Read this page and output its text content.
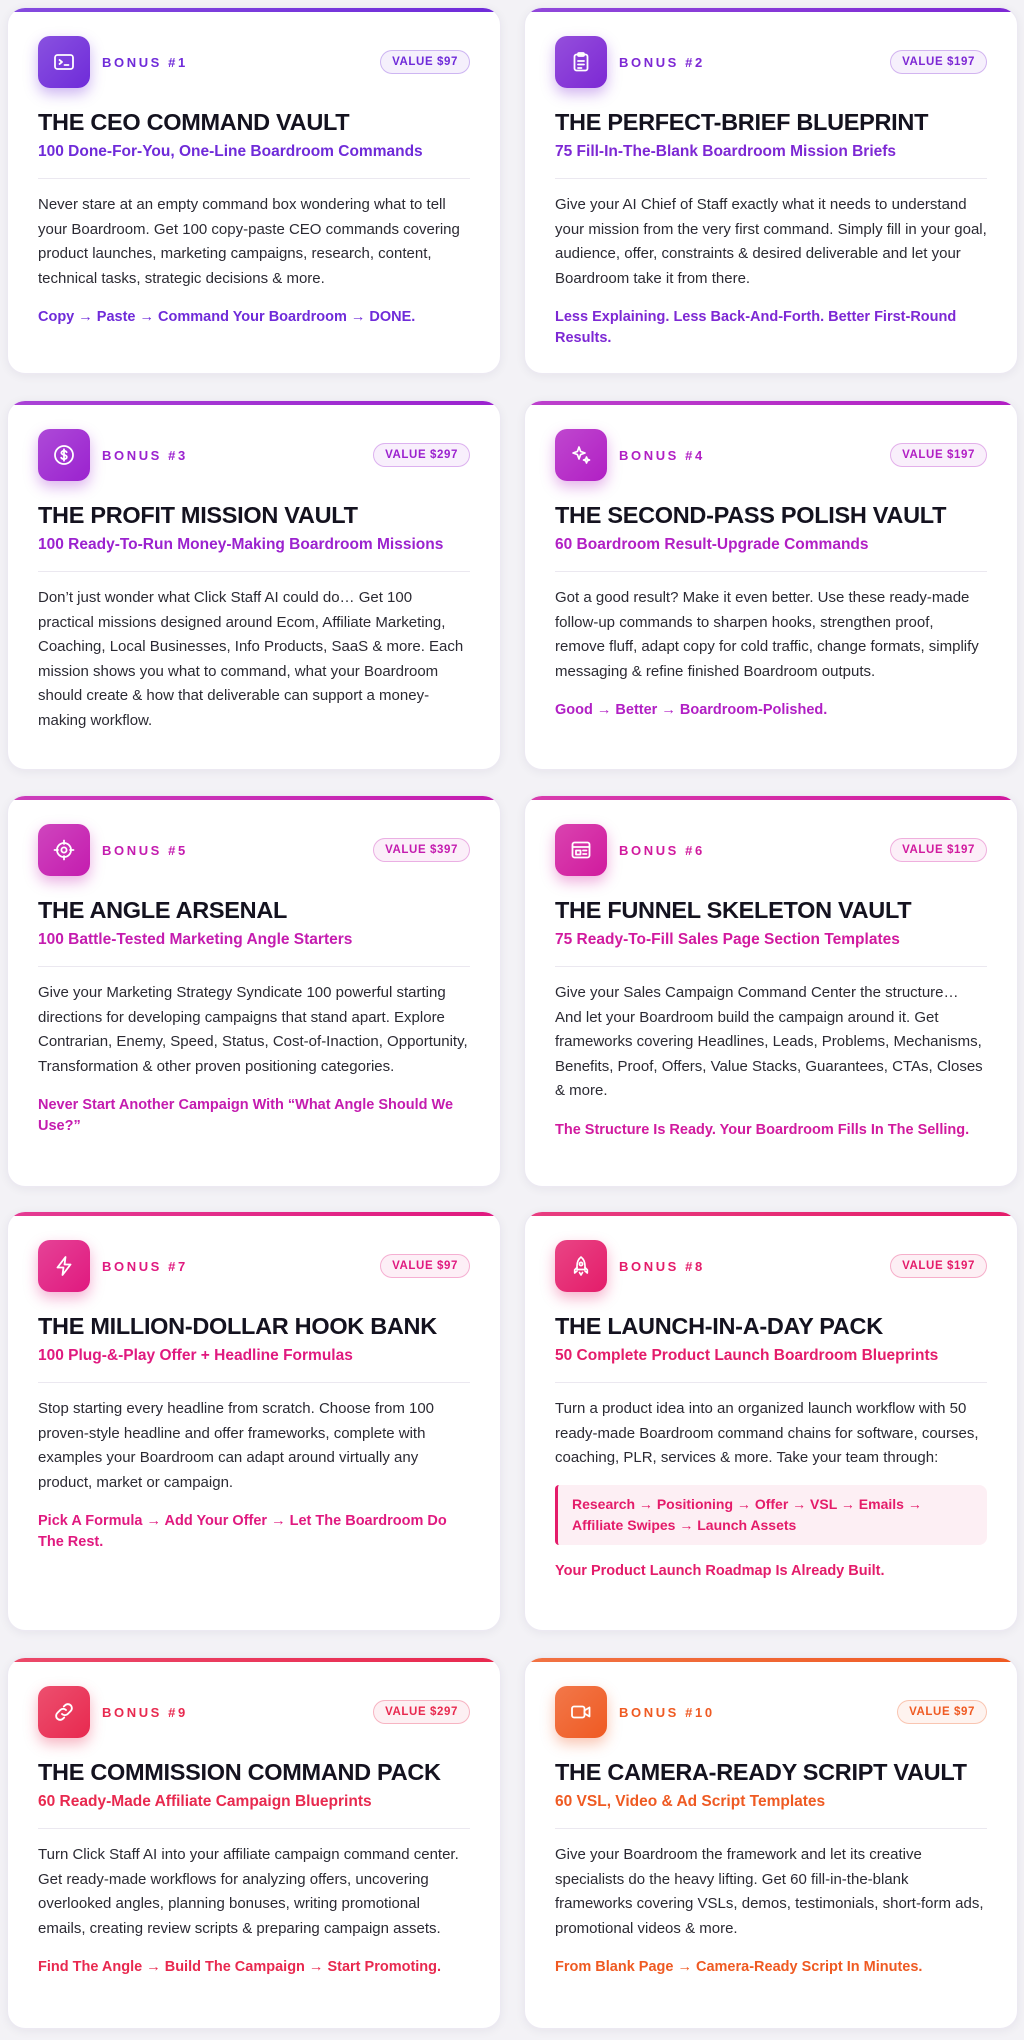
BONUS #1	VALUE $97
THE CEO COMMAND VAULT
100 Done-For-You, One-Line Boardroom Commands
Never stare at an empty command box wondering what to tell your Boardroom. Get 100 copy-paste CEO commands covering product launches, marketing campaigns, research, content, technical tasks, strategic decisions & more.
Copy → Paste → Command Your Boardroom → DONE.
BONUS #2	VALUE $197
THE PERFECT-BRIEF BLUEPRINT
75 Fill-In-The-Blank Boardroom Mission Briefs
Give your AI Chief of Staff exactly what it needs to understand your mission from the very first command. Simply fill in your goal, audience, offer, constraints & desired deliverable and let your Boardroom take it from there.
Less Explaining. Less Back-And-Forth. Better First-Round Results.
BONUS #3	VALUE $297
THE PROFIT MISSION VAULT
100 Ready-To-Run Money-Making Boardroom Missions
Don’t just wonder what Click Staff AI could do… Get 100 practical missions designed around Ecom, Affiliate Marketing, Coaching, Local Businesses, Info Products, SaaS & more. Each mission shows you what to command, what your Boardroom should create & how that deliverable can support a money-making workflow.
BONUS #4	VALUE $197
THE SECOND-PASS POLISH VAULT
60 Boardroom Result-Upgrade Commands
Got a good result? Make it even better. Use these ready-made follow-up commands to sharpen hooks, strengthen proof, remove fluff, adapt copy for cold traffic, change formats, simplify messaging & refine finished Boardroom outputs.
Good → Better → Boardroom-Polished.
BONUS #5	VALUE $397
THE ANGLE ARSENAL
100 Battle-Tested Marketing Angle Starters
Give your Marketing Strategy Syndicate 100 powerful starting directions for developing campaigns that stand apart. Explore Contrarian, Enemy, Speed, Status, Cost-of-Inaction, Opportunity, Transformation & other proven positioning categories.
Never Start Another Campaign With “What Angle Should We Use?”
BONUS #6	VALUE $197
THE FUNNEL SKELETON VAULT
75 Ready-To-Fill Sales Page Section Templates
Give your Sales Campaign Command Center the structure… And let your Boardroom build the campaign around it. Get frameworks covering Headlines, Leads, Problems, Mechanisms, Benefits, Proof, Offers, Value Stacks, Guarantees, CTAs, Closes & more.
The Structure Is Ready. Your Boardroom Fills In The Selling.
BONUS #7	VALUE $97
THE MILLION-DOLLAR HOOK BANK
100 Plug-&-Play Offer + Headline Formulas
Stop starting every headline from scratch. Choose from 100 proven-style headline and offer frameworks, complete with examples your Boardroom can adapt around virtually any product, market or campaign.
Pick A Formula → Add Your Offer → Let The Boardroom Do The Rest.
BONUS #8	VALUE $197
THE LAUNCH-IN-A-DAY PACK
50 Complete Product Launch Boardroom Blueprints
Turn a product idea into an organized launch workflow with 50 ready-made Boardroom command chains for software, courses, coaching, PLR, services & more. Take your team through:
Research → Positioning → Offer → VSL → Emails → Affiliate Swipes → Launch Assets
Your Product Launch Roadmap Is Already Built.
BONUS #9	VALUE $297
THE COMMISSION COMMAND PACK
60 Ready-Made Affiliate Campaign Blueprints
Turn Click Staff AI into your affiliate campaign command center. Get ready-made workflows for analyzing offers, uncovering overlooked angles, planning bonuses, writing promotional emails, creating review scripts & preparing campaign assets.
Find The Angle → Build The Campaign → Start Promoting.
BONUS #10	VALUE $97
THE CAMERA-READY SCRIPT VAULT
60 VSL, Video & Ad Script Templates
Give your Boardroom the framework and let its creative specialists do the heavy lifting. Get 60 fill-in-the-blank frameworks covering VSLs, demos, testimonials, short-form ads, promotional videos & more.
From Blank Page → Camera-Ready Script In Minutes.
